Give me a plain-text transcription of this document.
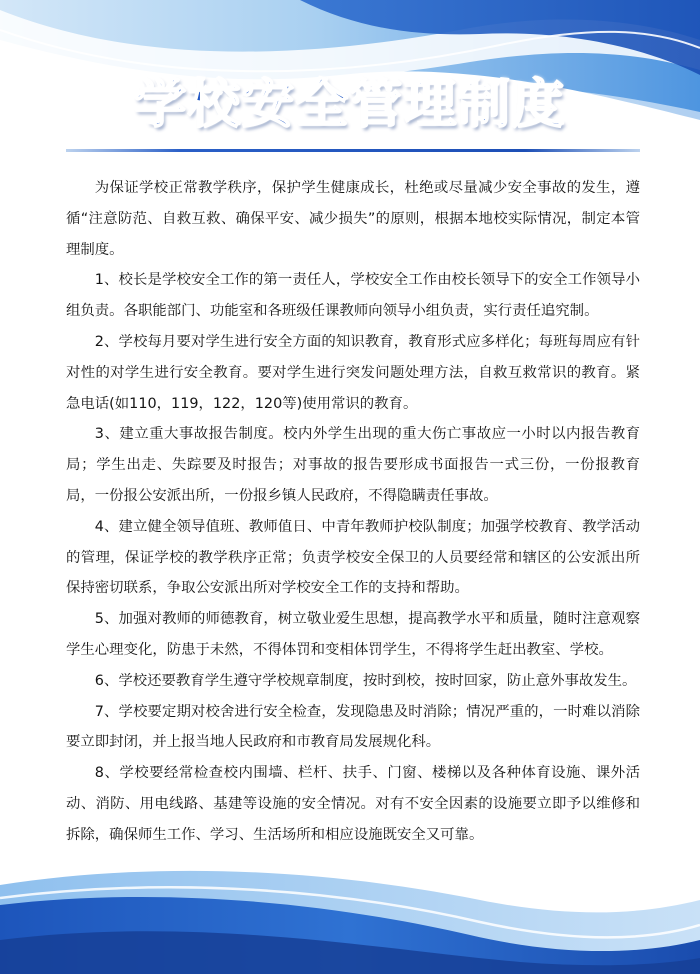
学校安全管理制度

为保证学校正常教学秩序，保护学生健康成长，杜绝或尽量减少安全事故的发生，遵循“注意防范、自救互救、确保平安、减少损失”的原则，根据本地校实际情况，制定本管理制度。

1、校长是学校安全工作的第一责任人，学校安全工作由校长领导下的安全工作领导小组负责。各职能部门、功能室和各班级任课教师向领导小组负责，实行责任追究制。

2、学校每月要对学生进行安全方面的知识教育，教育形式应多样化；每班每周应有针对性的对学生进行安全教育。要对学生进行突发问题处理方法，自救互救常识的教育。紧急电话(如110，119，122，120等)使用常识的教育。

3、建立重大事故报告制度。校内外学生出现的重大伤亡事故应一小时以内报告教育局；学生出走、失踪要及时报告；对事故的报告要形成书面报告一式三份，一份报教育局，一份报公安派出所，一份报乡镇人民政府，不得隐瞒责任事故。

4、建立健全领导值班、教师值日、中青年教师护校队制度；加强学校教育、教学活动的管理，保证学校的教学秩序正常；负责学校安全保卫的人员要经常和辖区的公安派出所保持密切联系，争取公安派出所对学校安全工作的支持和帮助。

5、加强对教师的师德教育，树立敬业爱生思想，提高教学水平和质量，随时注意观察学生心理变化，防患于未然，不得体罚和变相体罚学生，不得将学生赶出教室、学校。

6、学校还要教育学生遵守学校规章制度，按时到校，按时回家，防止意外事故发生。

7、学校要定期对校舍进行安全检查，发现隐患及时消除；情况严重的，一时难以消除要立即封闭，并上报当地人民政府和市教育局发展规化科。

8、学校要经常检查校内围墙、栏杆、扶手、门窗、楼梯以及各种体育设施、课外活动、消防、用电线路、基建等设施的安全情况。对有不安全因素的设施要立即予以维修和拆除，确保师生工作、学习、生活场所和相应设施既安全又可靠。
